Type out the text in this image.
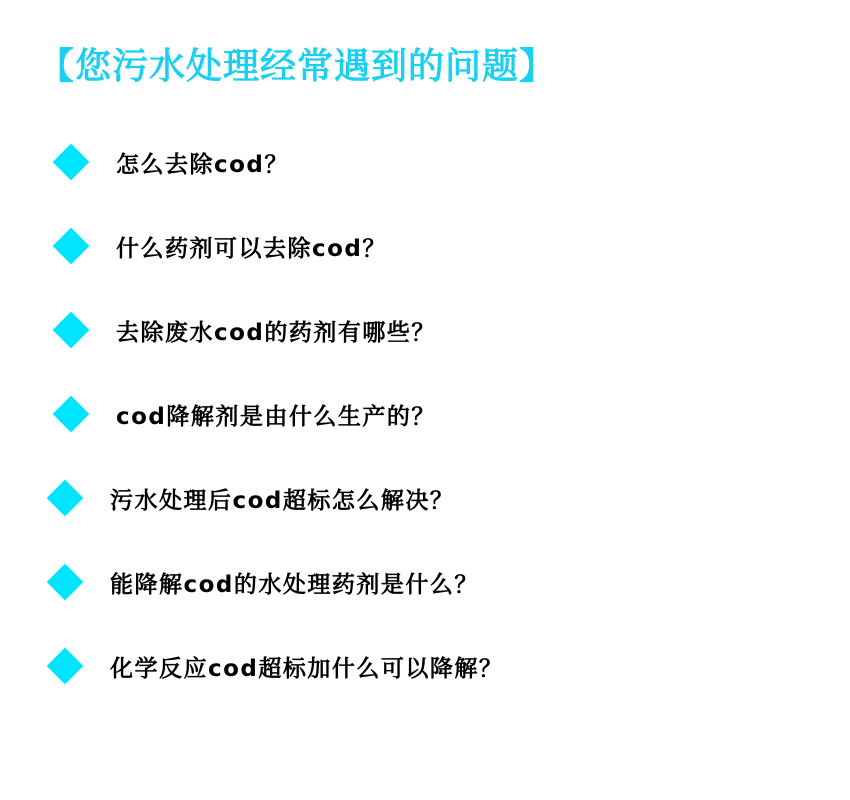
【您污水处理经常遇到的问题】
怎么去除cod？
什么药剂可以去除cod？
去除废水cod的药剂有哪些？
cod降解剂是由什么生产的？
污水处理后cod超标怎么解决？
能降解cod的水处理药剂是什么？
化学反应cod超标加什么可以降解？
